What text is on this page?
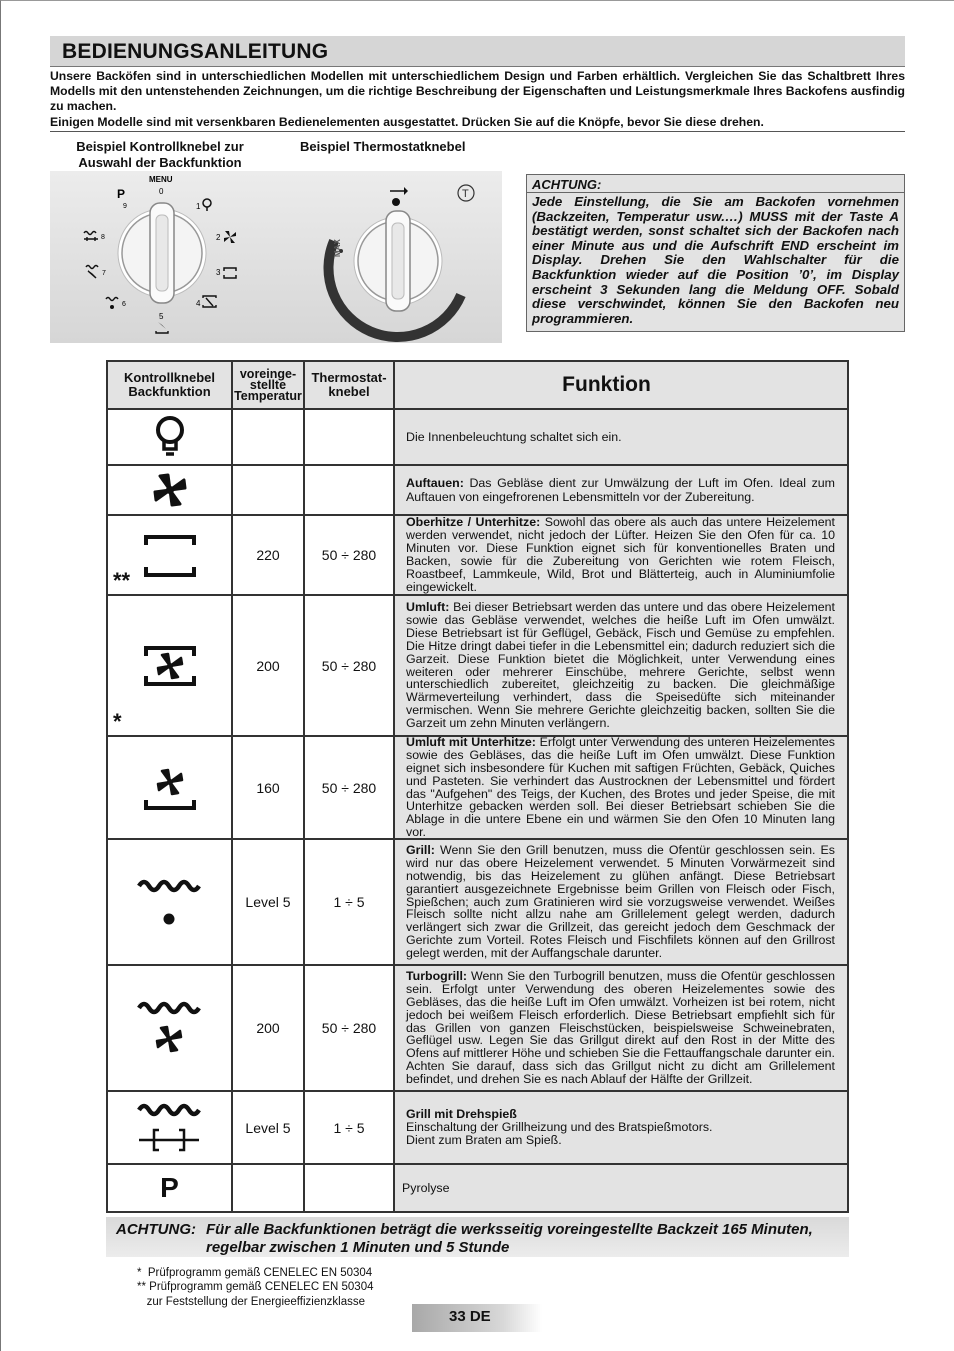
BEDIENUNGSANLEITUNG

Unsere Backöfen sind in unterschiedlichen Modellen mit unterschiedlichem Design und Farben erhältlich. Vergleichen Sie das Schaltbrett Ihres Modells mit den untenstehenden Zeichnungen, um die richtige Beschreibung der Eigenschaften und Leistungsmerkmale Ihres Backofens ausfindig zu machen.

Einigen Modelle sind mit versenkbaren Bedienelementen ausgestattet. Drücken Sie auf die Knöpfe, bevor Sie diese drehen.

Beispiel Kontrollknebel zur
Auswahl der Backfunktion
Beispiel Thermostatknebel
MENU
0
P
9	1
2
3
4
5
6
7
8
T
MAX
ACHTUNG:
Jede Einstellung, die Sie am Backofen vornehmen (Backzeiten, Temperatur usw.…) MUSS mit der Taste A bestätigt werden, sonst schaltet sich der Backofen nach einer Minute aus und die Aufschrift END erscheint im Display. Drehen Sie den Wahlschalter für die Backfunktion wieder auf die Position ’0’, im Display erscheint 3 Sekunden lang die Meldung OFF. Sobald diese verschwindet, können Sie den Backofen neu programmieren.
Kontrollknebel
Backfunktion
voreinge-
stellte
Temperatur
Thermostat-
knebel	Funktion
Die Innenbeleuchtung schaltet sich ein.
Auftauen: Das Gebläse dient zur Umwälzung der Luft im Ofen. Ideal zum Auftauen von eingefrorenen Lebensmitteln vor der Zubereitung.
**
220	50 ÷ 280
Oberhitze / Unterhitze: Sowohl das obere als auch das untere Heizelement werden verwendet, nicht jedoch der Lüfter. Heizen Sie den Ofen für ca. 10 Minuten vor. Diese Funktion eignet sich für konventionelles Braten und Backen, sowie für die Zubereitung von Gerichten wie rotem Fleisch, Roastbeef, Lammkeule, Wild, Brot und Blätterteig, auch in Aluminiumfolie eingewickelt.
*
200	50 ÷ 280
Umluft: Bei dieser Betriebsart werden das untere und das obere Heizelement sowie das Gebläse verwendet, welches die heiße Luft im Ofen umwälzt. Diese Betriebsart ist für Geflügel, Gebäck, Fisch und Gemüse zu empfehlen. Die Hitze dringt dabei tiefer in die Lebensmittel ein; dadurch reduziert sich die Garzeit. Diese Funktion bietet die Möglichkeit, unter Verwendung eines weiteren oder mehrerer Einschübe, mehrere Gerichte, selbst wenn unterschiedlich zubereitet, gleichzeitig zu backen. Die gleichmäßige Wärmeverteilung verhindert, dass die Speisedüfte sich miteinander vermischen. Wenn Sie mehrere Gerichte gleichzeitig backen, sollten Sie die Garzeit um zehn Minuten verlängern.
160	50 ÷ 280
Umluft mit Unterhitze: Erfolgt unter Verwendung des unteren Heizelementes sowie des Gebläses, das die heiße Luft im Ofen umwälzt. Diese Funktion eignet sich insbesondere für Kuchen mit saftigen Früchten, Gebäck, Quiches und Pasteten. Sie verhindert das Austrocknen der Lebensmittel und fördert das "Aufgehen" des Teigs, der Kuchen, des Brotes und jeder Speise, die mit Unterhitze gebacken werden soll. Bei dieser Betriebsart schieben Sie die Ablage in die untere Ebene ein und wärmen Sie den Ofen 10 Minuten lang vor.
Level 5	1 ÷ 5
Grill: Wenn Sie den Grill benutzen, muss die Ofentür geschlossen sein. Es wird nur das obere Heizelement verwendet. 5 Minuten Vorwärmezeit sind notwendig, bis das Heizelement zu glühen anfängt. Diese Betriebsart garantiert ausgezeichnete Ergebnisse beim Grillen von Fleisch oder Fisch, Spießchen; auch zum Gratinieren wird sie vorzugsweise verwendet. Weißes Fleisch sollte nicht allzu nahe am Grillelement gelegt werden, dadurch verlängert sich zwar die Grillzeit, das gereicht jedoch dem Geschmack der Gerichte zum Vorteil. Rotes Fleisch und Fischfilets können auf den Grillrost gelegt werden, mit der Auffangschale darunter.
200	50 ÷ 280
Turbogrill: Wenn Sie den Turbogrill benutzen, muss die Ofentür geschlossen sein. Erfolgt unter Verwendung des oberen Heizelementes sowie des Gebläses, das die heiße Luft im Ofen umwälzt. Vorheizen ist bei rotem, nicht jedoch bei weißem Fleisch erforderlich. Diese Betriebsart empfiehlt sich für das Grillen von ganzen Fleischstücken, beispielsweise Schweinebraten, Geflügel usw. Legen Sie das Grillgut direkt auf den Rost in der Mitte des Ofens auf mittlerer Höhe und schieben Sie die Fettauffangschale darunter ein. Achten Sie darauf, dass sich das Grillgut nicht zu dicht am Grillelement befindet, und drehen Sie es nach Ablauf der Hälfte der Grillzeit.
Level 5	1 ÷ 5
Grill mit Drehspieß
Einschaltung der Grillheizung und des Bratspießmotors.
Dient zum Braten am Spieß.
P	Pyrolyse
ACHTUNG: Für alle Backfunktionen beträgt die werksseitig voreingestellte Backzeit 165 Minuten,
regelbar zwischen 1 Minuten und 5 Stunde
*  Prüfprogramm gemäß CENELEC EN 50304
** Prüfprogramm gemäß CENELEC EN 50304
zur Feststellung der Energieeffizienzklasse
33 DE
